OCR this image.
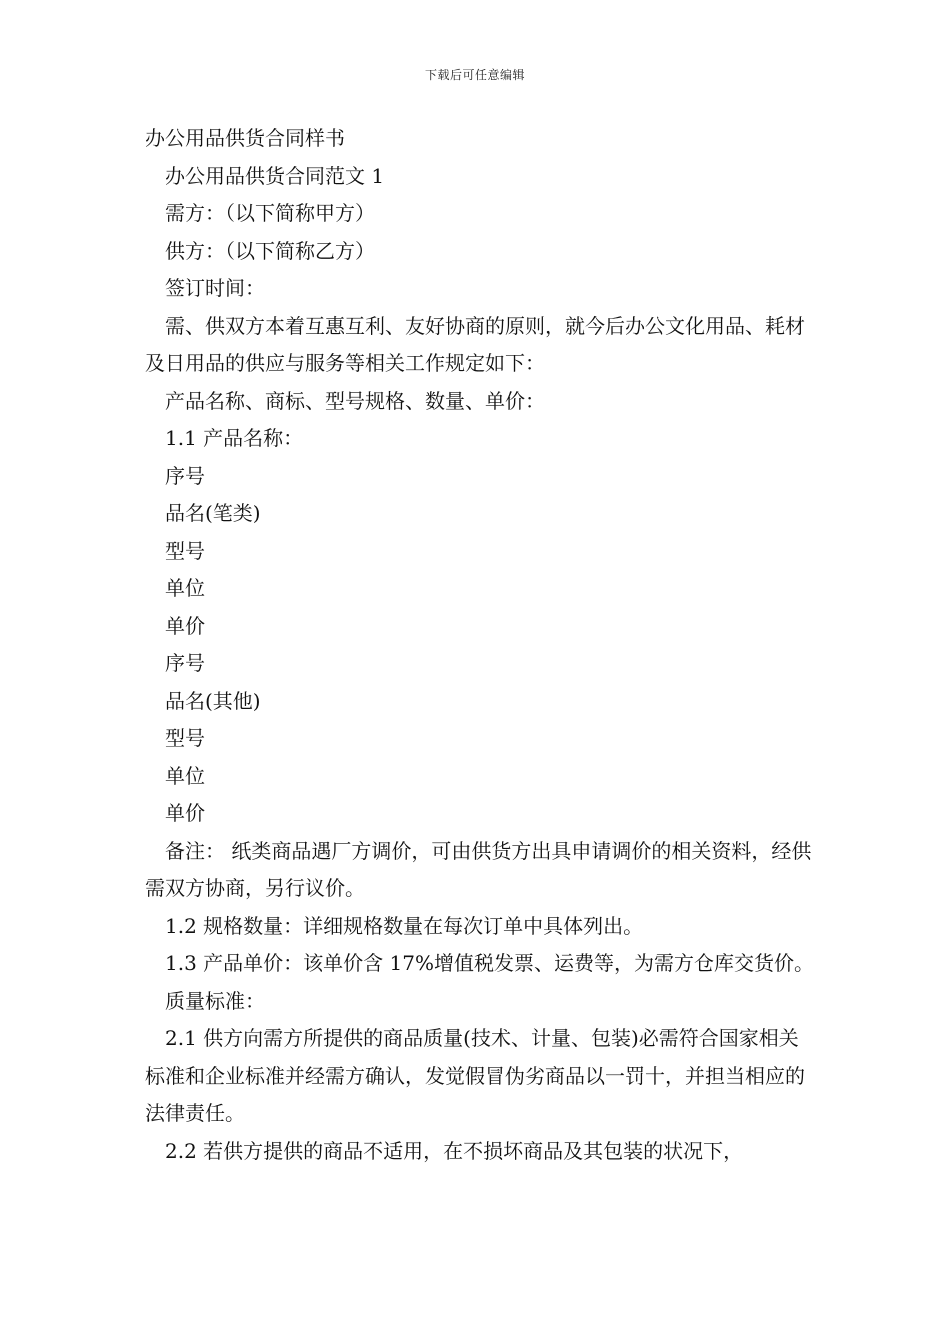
下载后可任意编辑

办公用品供货合同样书

办公用品供货合同范文 1

需方：（以下简称甲方）

供方：（以下简称乙方）

签订时间：

需、供双方本着互惠互利、友好协商的原则，就今后办公文化用品、耗材及日用品的供应与服务等相关工作规定如下：

产品名称、商标、型号规格、数量、单价：

1.1 产品名称：

序号

品名(笔类)

型号

单位

单价

序号

品名(其他)

型号

单位

单价

备注： 纸类商品遇厂方调价，可由供货方出具申请调价的相关资料，经供需双方协商，另行议价。

1.2 规格数量：详细规格数量在每次订单中具体列出。

1.3 产品单价：该单价含 17%增值税发票、运费等，为需方仓库交货价。

质量标准：

2.1 供方向需方所提供的商品质量(技术、计量、包装)必需符合国家相关标准和企业标准并经需方确认，发觉假冒伪劣商品以一罚十，并担当相应的法律责任。

2.2 若供方提供的商品不适用，在不损坏商品及其包装的状况下，
